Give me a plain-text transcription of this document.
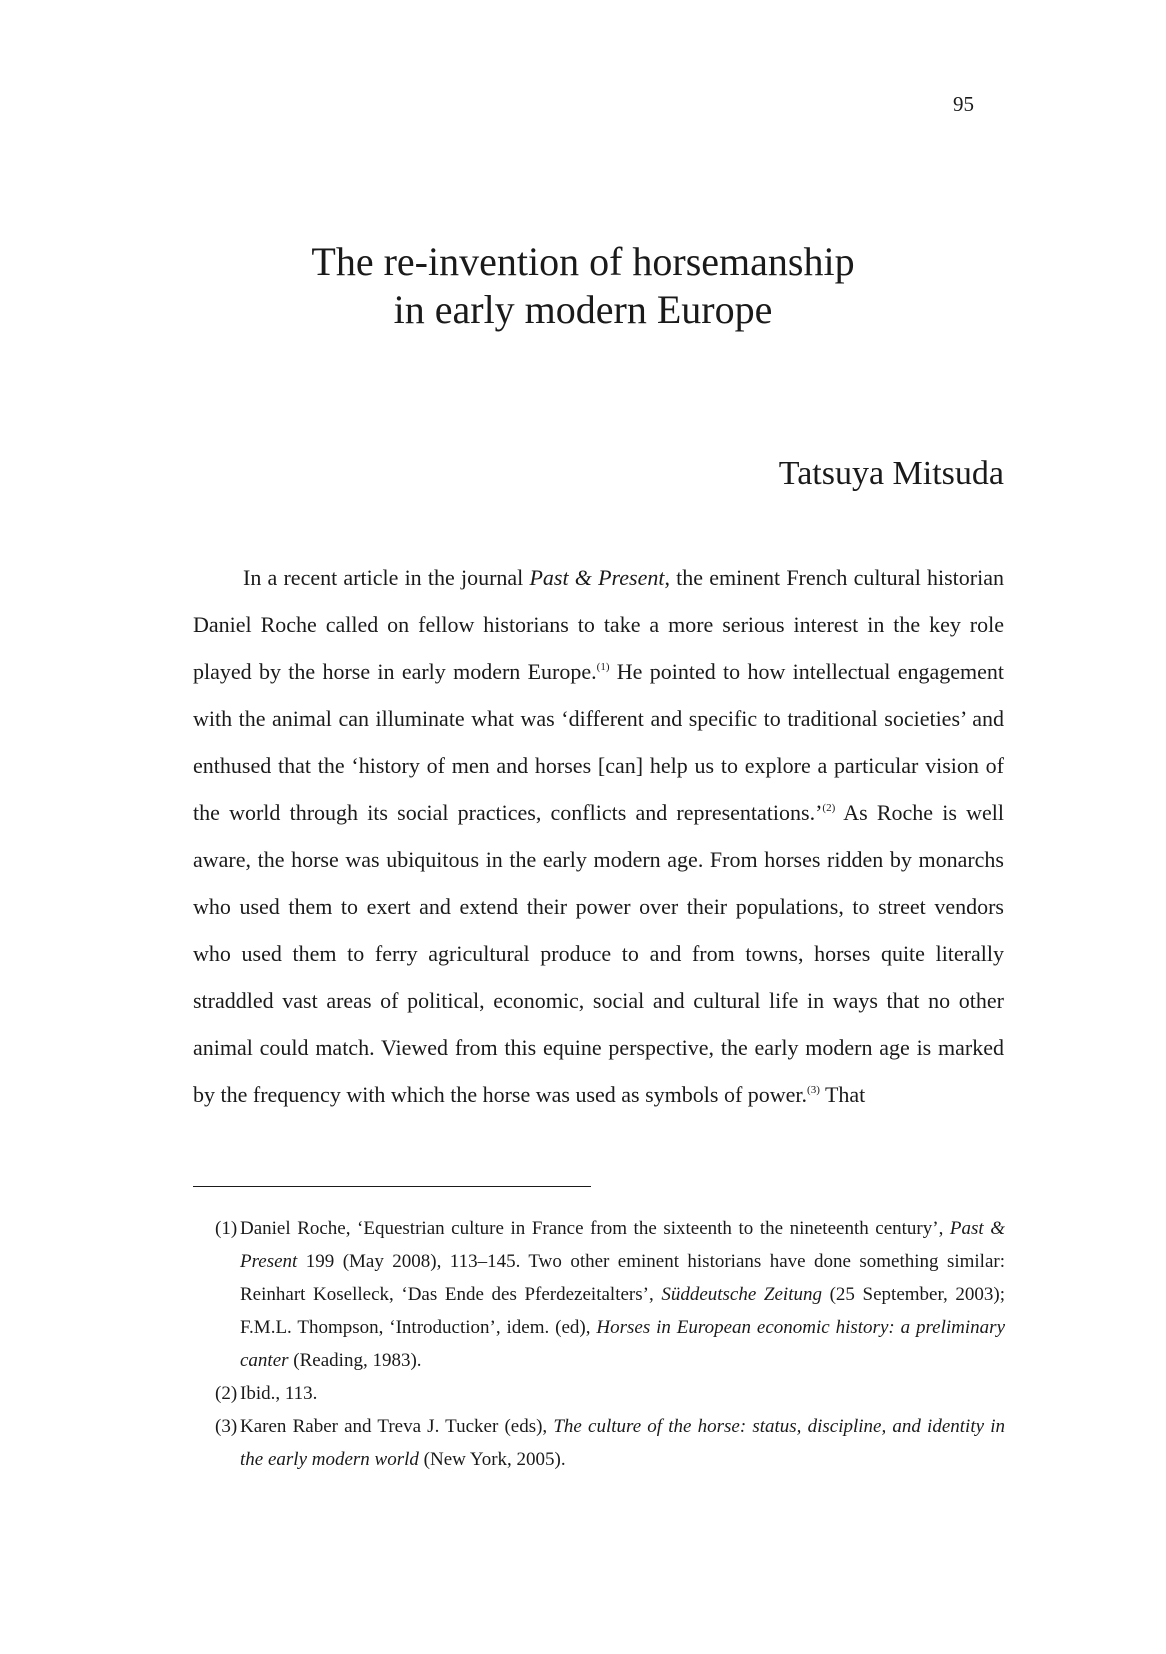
95
The re-invention of horsemanship
in early modern Europe
Tatsuya Mitsuda

In a recent article in the journal Past & Present, the eminent French cultural historian Daniel Roche called on fellow historians to take a more serious interest in the key role played by the horse in early modern Europe.$^{(1)}$ He pointed to how intellectual engagement with the animal can illuminate what was ‘different and specific to traditional societies’ and enthused that the ‘history of men and horses [can] help us to explore a particular vision of the world through its social practices, conflicts and representations.’$^{(2)}$ As Roche is well aware, the horse was ubiquitous in the early modern age. From horses ridden by monarchs who used them to exert and extend their power over their populations, to street vendors who used them to ferry agricultural produce to and from towns, horses quite literally straddled vast areas of political, economic, social and cultural life in ways that no other animal could match. Viewed from this equine perspective, the early modern age is marked by the frequency with which the horse was used as symbols of power.$^{(3)}$ That

(1) Daniel Roche, ‘Equestrian culture in France from the sixteenth to the nineteenth century’, Past & Present 199 (May 2008), 113–145. Two other eminent historians have done something similar: Reinhart Koselleck, ‘Das Ende des Pferdezeitalters’, Süddeutsche Zeitung (25 September, 2003); F.M.L. Thompson, ‘Introduction’, idem. (ed), Horses in European economic history: a preliminary canter (Reading, 1983).
(2) Ibid., 113.
(3) Karen Raber and Treva J. Tucker (eds), The culture of the horse: status, discipline, and identity in the early modern world (New York, 2005).
